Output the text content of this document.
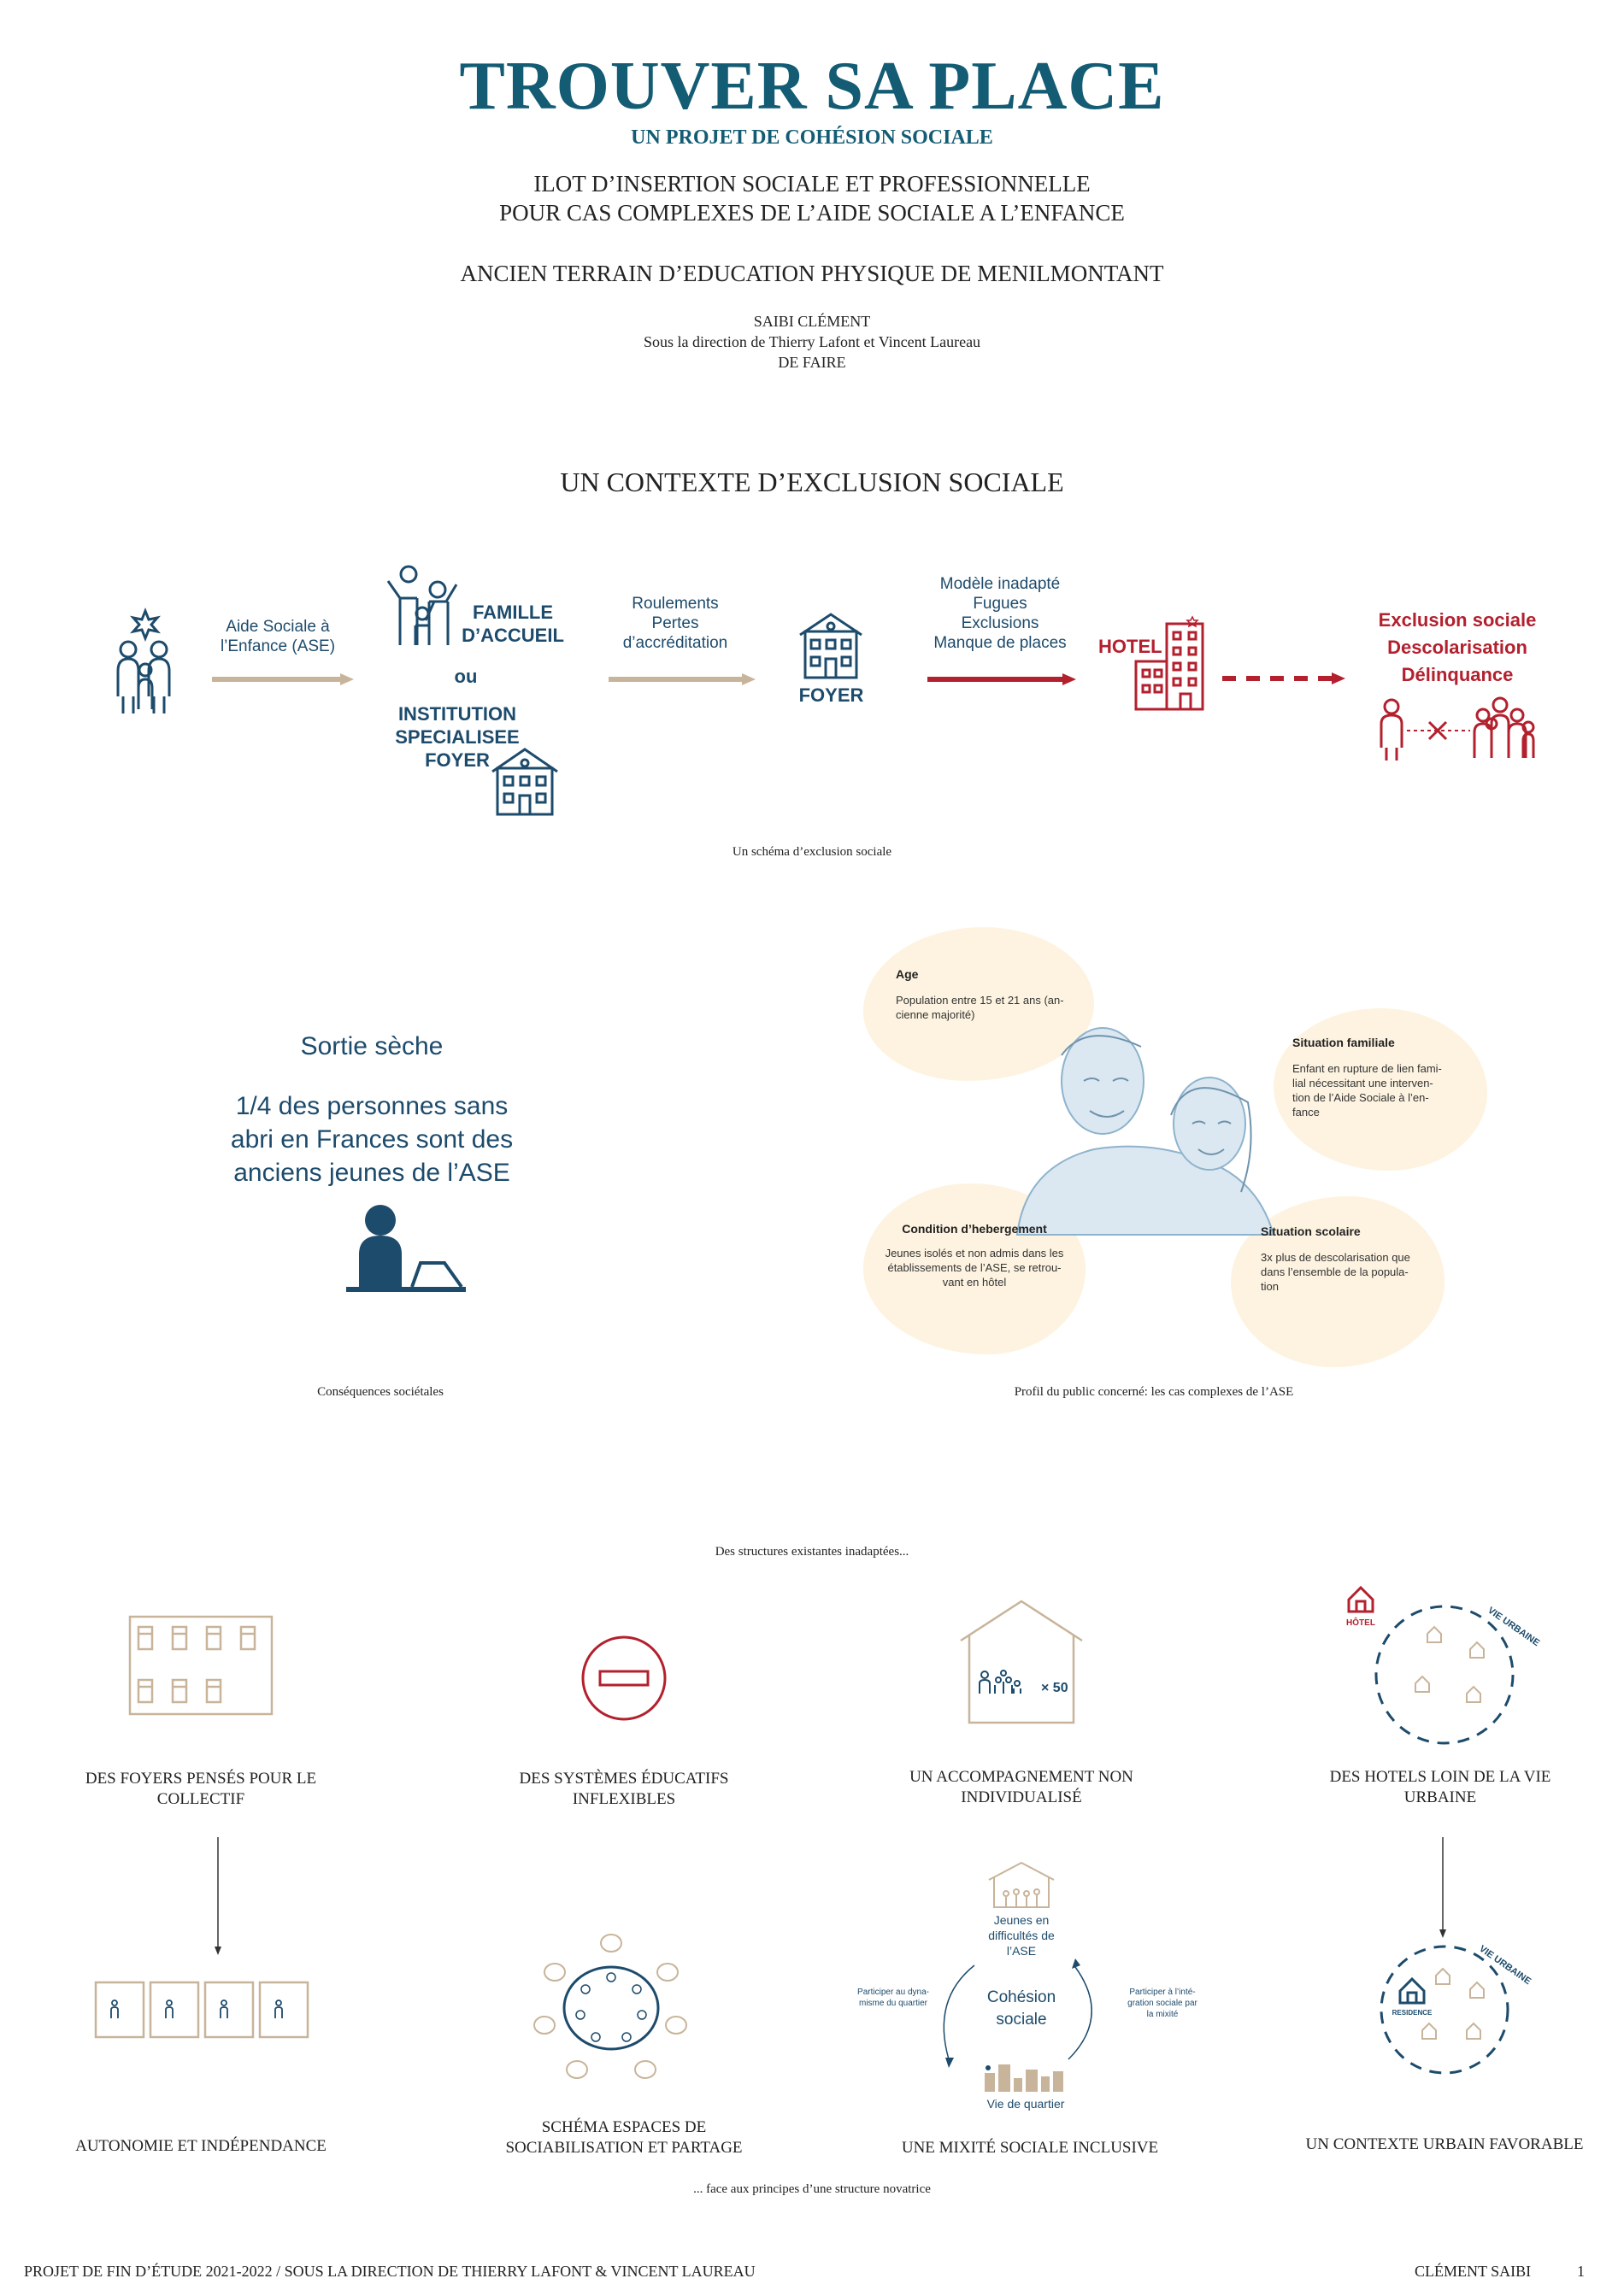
TROUVER SA PLACE
UN PROJET DE COHÉSION SOCIALE
ILOT D’INSERTION SOCIALE ET PROFESSIONNELLE
POUR CAS COMPLEXES DE L’AIDE SOCIALE A L’ENFANCE
ANCIEN TERRAIN D’EDUCATION PHYSIQUE DE MENILMONTANT
SAIBI CLÉMENT
Sous la direction de Thierry Lafont et Vincent Laureau
DE FAIRE
UN CONTEXTE D’EXCLUSION SOCIALE
Aide Sociale à
l’Enfance (ASE)
FAMILLE
D’ACCUEIL
ou
INSTITUTION
SPECIALISEE
FOYER
Roulements
Pertes
d’accréditation
FOYER
Modèle inadapté
Fugues
Exclusions
Manque de places	HOTEL
Exclusion sociale
Descolarisation
Délinquance
Un schéma d’exclusion sociale
Sortie sèche
1/4 des personnes sans
abri en Frances sont des
anciens jeunes de l’ASE
Conséquences sociétales
Age
Population entre 15 et 21 ans (an-
cienne majorité)
Situation familiale
Enfant en rupture de lien fami-
lial nécessitant une interven-
tion de l’Aide Sociale à l’en-
fance
Condition d’hebergement
Jeunes isolés et non admis dans les
établissements de l’ASE, se retrou-
vant en hôtel
Situation scolaire
3x plus de descolarisation que
dans l’ensemble de la popula-
tion
Profil du public concerné: les cas complexes de l’ASE
Des structures existantes inadaptées...
× 50
HÔTEL	VIE URBAINE
DES FOYERS PENSÉS POUR LE
COLLECTIF
DES SYSTÈMES ÉDUCATIFS
INFLEXIBLES
UN ACCOMPAGNEMENT NON
INDIVIDUALISÉ
DES HOTELS LOIN DE LA VIE
URBAINE
Jeunes en
difficultés de
l’ASE
Cohésion
sociale
Participer au dyna-
misme du quartier
Participer à l’inté-
gration sociale par
la mixité
Vie de quartier
VIE URBAINE
RESIDENCE
AUTONOMIE ET INDÉPENDANCE
SCHÉMA ESPACES DE
SOCIABILISATION ET PARTAGE	UNE MIXITÉ SOCIALE INCLUSIVE	UN CONTEXTE URBAIN FAVORABLE
... face aux principes d’une structure novatrice
PROJET DE FIN D’ÉTUDE 2021-2022 / SOUS LA DIRECTION DE THIERRY LAFONT & VINCENT LAUREAU	CLÉMENT SAIBI	1
